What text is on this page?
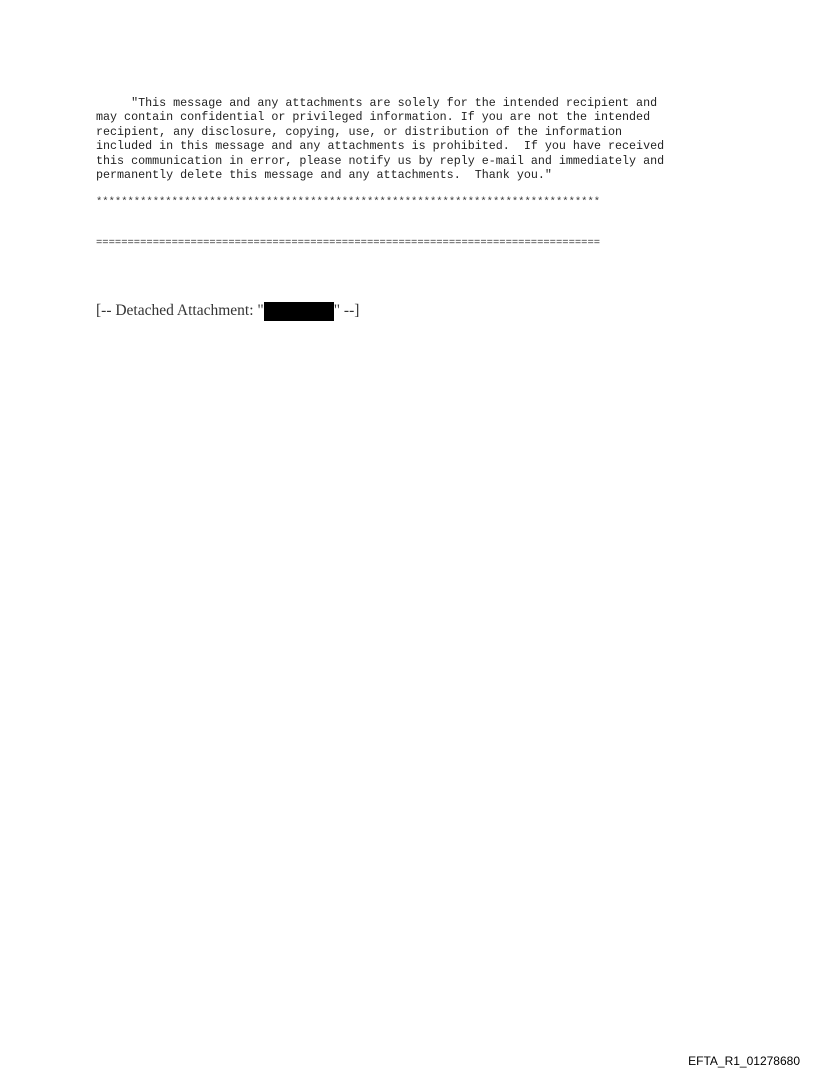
"This message and any attachments are solely for the intended recipient and
may contain confidential or privileged information. If you are not the intended
recipient, any disclosure, copying, use, or distribution of the information
included in this message and any attachments is prohibited.  If you have received
this communication in error, please notify us by reply e-mail and immediately and
permanently delete this message and any attachments.  Thank you."
********************************************************************************
================================================================================
[-- Detached Attachment: "	" --]
EFTA_R1_01278680
